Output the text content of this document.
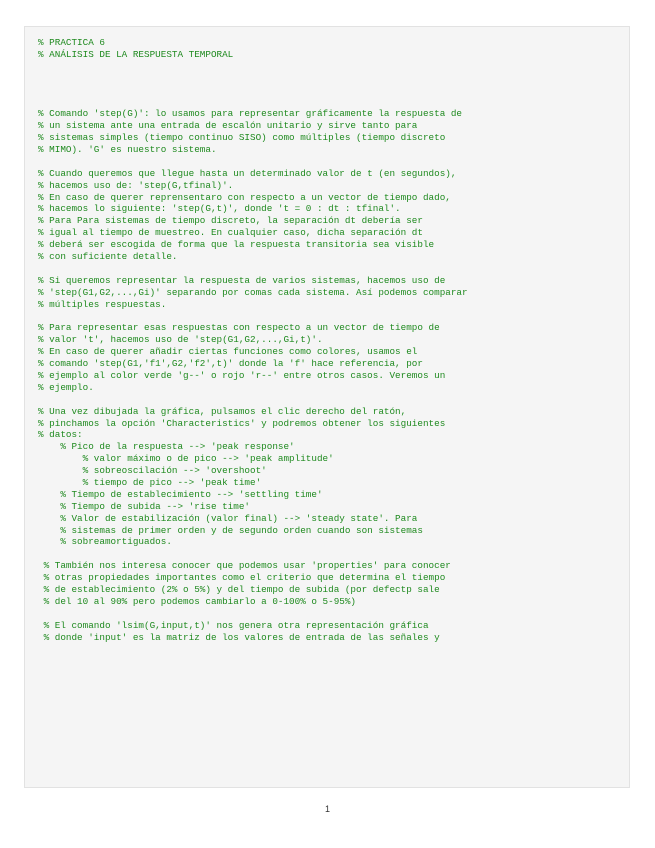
% PRACTICA 6
% ANÁLISIS DE LA RESPUESTA TEMPORAL
% Comando 'step(G)': lo usamos para representar gráficamente la respuesta de
% un sistema ante una entrada de escalón unitario y sirve tanto para
% sistemas simples (tiempo continuo SISO) como múltiples (tiempo discreto
% MIMO). 'G' es nuestro sistema.
% Cuando queremos que llegue hasta un determinado valor de t (en segundos),
% hacemos uso de: 'step(G,tfinal)'.
% En caso de querer reprensentaro con respecto a un vector de tiempo dado,
% hacemos lo siguiente: 'step(G,t)', donde 't = 0 : dt : tfinal'.
% Para Para sistemas de tiempo discreto, la separación dt debería ser
% igual al tiempo de muestreo. En cualquier caso, dicha separación dt
% deberá ser escogida de forma que la respuesta transitoria sea visible
% con suficiente detalle.
% Si queremos representar la respuesta de varios sistemas, hacemos uso de
% 'step(G1,G2,...,Gi)' separando por comas cada sistema. Así podemos comparar
% múltiples respuestas.
% Para representar esas respuestas con respecto a un vector de tiempo de
% valor 't', hacemos uso de 'step(G1,G2,...,Gi,t)'.
% En caso de querer añadir ciertas funciones como colores, usamos el
% comando 'step(G1,'f1',G2,'f2',t)' donde la 'f' hace referencia, por
% ejemplo al color verde 'g--' o rojo 'r--' entre otros casos. Veremos un
% ejemplo.
% Una vez dibujada la gráfica, pulsamos el clic derecho del ratón,
% pinchamos la opción 'Characteristics' y podremos obtener los siguientes
% datos:
% Pico de la respuesta --> 'peak response'
% valor máximo o de pico --> 'peak amplitude'
% sobreoscilación --> 'overshoot'
% tiempo de pico --> 'peak time'
% Tiempo de establecimiento --> 'settling time'
% Tiempo de subida --> 'rise time'
% Valor de estabilización (valor final) --> 'steady state'. Para
% sistemas de primer orden y de segundo orden cuando son sistemas
% sobreamortiguados.
% También nos interesa conocer que podemos usar 'properties' para conocer
% otras propiedades importantes como el criterio que determina el tiempo
% de establecimiento (2% o 5%) y del tiempo de subida (por defectp sale
% del 10 al 90% pero podemos cambiarlo a 0-100% o 5-95%)
% El comando 'lsim(G,input,t)' nos genera otra representación gráfica
% donde 'input' es la matriz de los valores de entrada de las señales y
1
